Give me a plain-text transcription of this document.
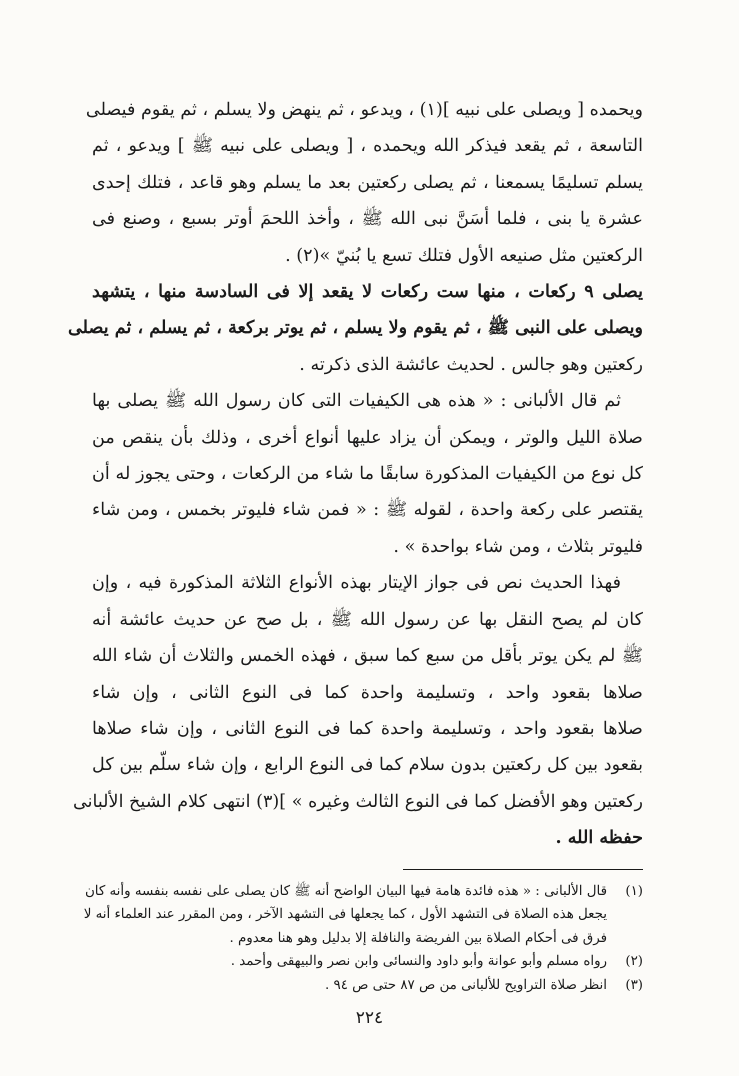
ويحمده [ ويصلى على نبيه ](١) ، ويدعو ، ثم ينهض ولا يسلم ، ثم يقوم فيصلى
التاسعة ، ثم يقعد فيذكر الله ويحمده ، [ ويصلى على نبيه ﷺ ] ويدعو ، ثم
يسلم تسليمًا يسمعنا ، ثم يصلى ركعتين بعد ما يسلم وهو قاعد ، فتلك إحدى
عشرة يا بنى ، فلما أسَنَّ نبى الله ﷺ ، وأخذ اللحمَ أوتر بسبع ، وصنع فى
الركعتين مثل صنيعه الأول فتلك تسع يا بُنيّ »(٢) .
يصلى ٩ ركعات ، منها ست ركعات لا يقعد إلا فى السادسة منها ، يتشهد
ويصلى على النبى ﷺ ، ثم يقوم ولا يسلم ، ثم يوتر بركعة ، ثم يسلم ، ثم يصلى
ركعتين وهو جالس . لحديث عائشة الذى ذكرته .
ثم قال الألبانى : « هذه هى الكيفيات التى كان رسول الله ﷺ يصلى بها
صلاة الليل والوتر ، ويمكن أن يزاد عليها أنواع أخرى ، وذلك بأن ينقص من
كل نوع من الكيفيات المذكورة سابقًا ما شاء من الركعات ، وحتى يجوز له أن
يقتصر على ركعة واحدة ، لقوله ﷺ : « فمن شاء فليوتر بخمس ، ومن شاء
فليوتر بثلاث ، ومن شاء بواحدة » .
فهذا الحديث نص فى جواز الإيتار بهذه الأنواع الثلاثة المذكورة فيه ، وإن
كان لم يصح النقل بها عن رسول الله ﷺ ، بل صح عن حديث عائشة أنه
ﷺ لم يكن يوتر بأقل من سبع كما سبق ، فهذه الخمس والثلاث أن شاء الله
صلاها بقعود واحد ، وتسليمة واحدة كما فى النوع الثانى ، وإن شاء
صلاها بقعود واحد ، وتسليمة واحدة كما فى النوع الثانى ، وإن شاء صلاها
بقعود بين كل ركعتين بدون سلام كما فى النوع الرابع ، وإن شاء سلّم بين كل
ركعتين وهو الأفضل كما فى النوع الثالث وغيره » ](٣) انتهى كلام الشيخ الألبانى
حفظه الله .
(١)
قال الألبانى : « هذه فائدة هامة فيها البيان الواضح أنه ﷺ كان يصلى على نفسه بنفسه وأنه كان
يجعل هذه الصلاة فى التشهد الأول ، كما يجعلها فى التشهد الآخر ، ومن المقرر عند العلماء أنه لا
فرق فى أحكام الصلاة بين الفريضة والنافلة إلا بدليل وهو هنا معدوم .
(٢)
رواه مسلم وأبو عوانة وأبو داود والنسائى وابن نصر والبيهقى وأحمد .
(٣)
انظر صلاة التراويح للألبانى من ص ٨٧ حتى ص ٩٤ .
٢٢٤
